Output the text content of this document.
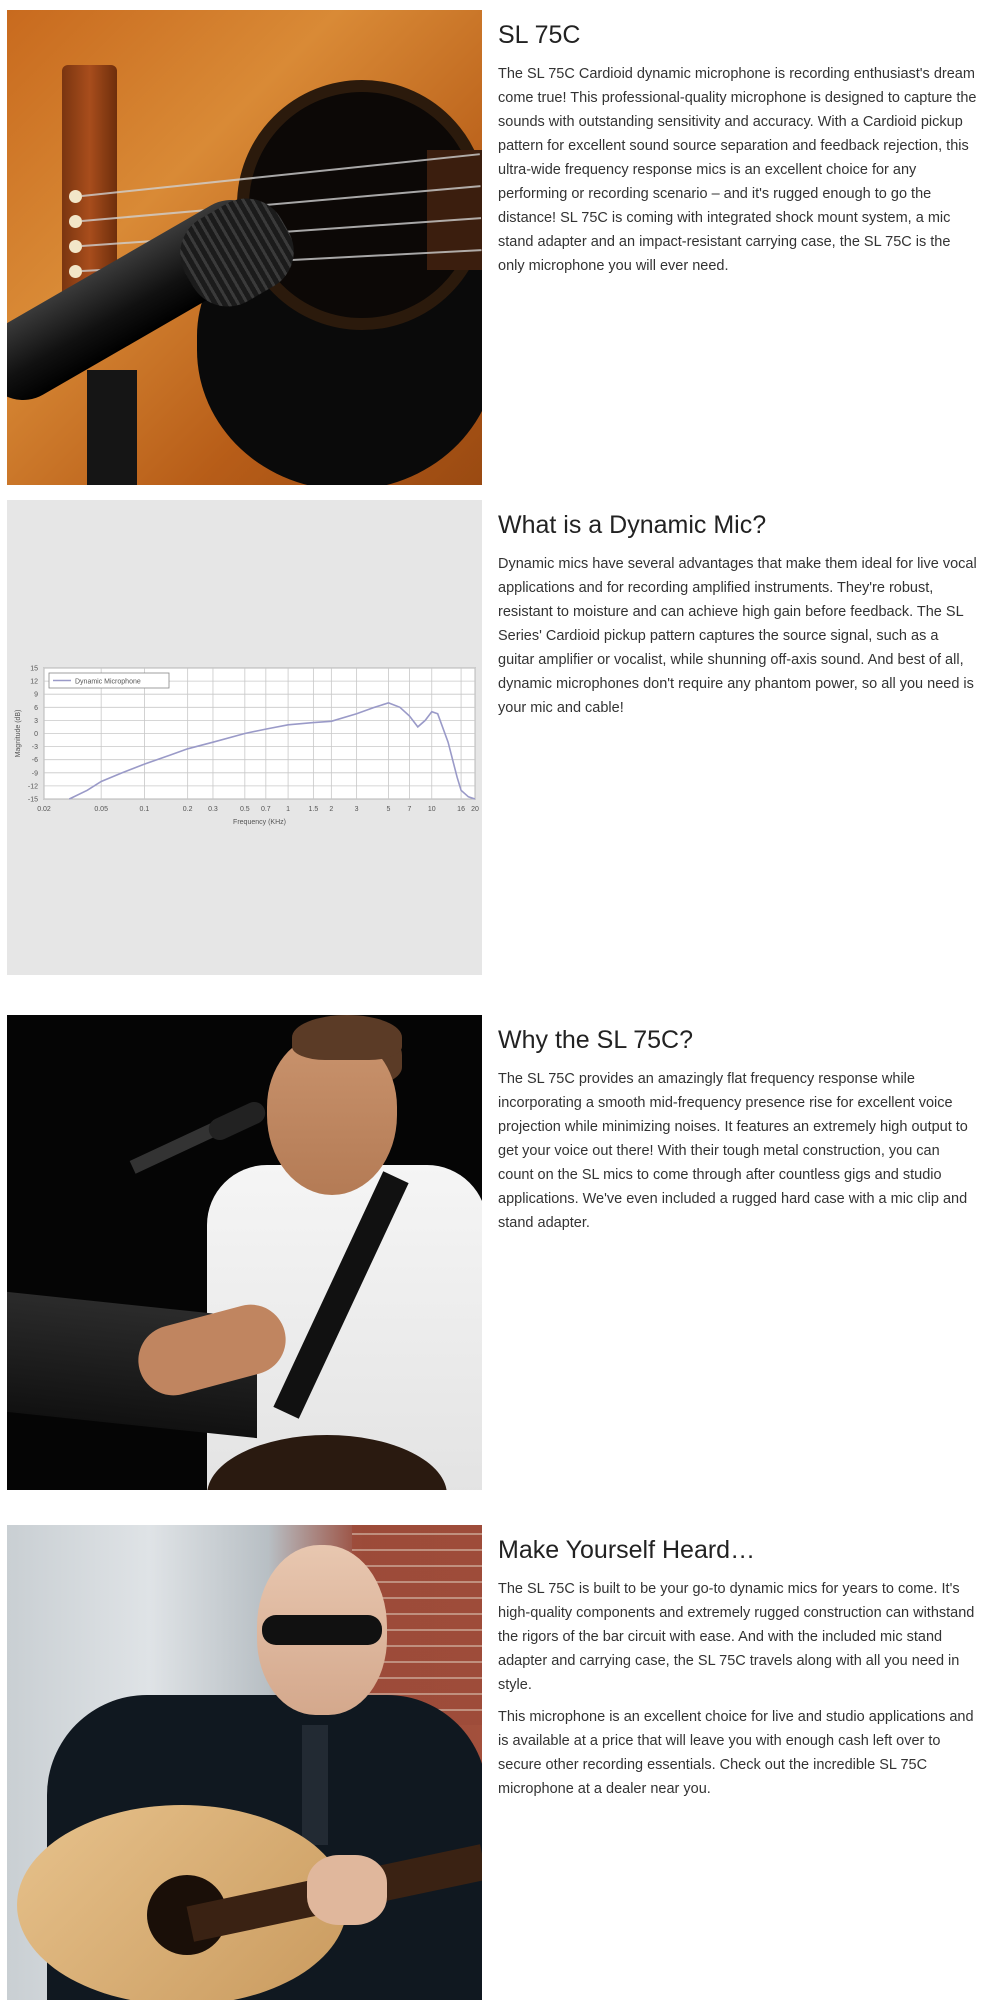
SL 75C

The SL 75C Cardioid dynamic microphone is recording enthusiast's dream come true! This professional-quality microphone is designed to capture the sounds with outstanding sensitivity and accuracy. With a Cardioid pickup pattern for excellent sound source separation and feedback rejection, this ultra-wide frequency response mics is an excellent choice for any performing or recording scenario – and it's rugged enough to go the distance! SL 75C is coming with integrated shock mount system, a mic stand adapter and an impact-resistant carrying case, the SL 75C is the only microphone you will ever need.

0.02	0.05	0.1	0.2 0.3	0.5 0.7 1	1.5 2	3	5 7 10	16 20
15
12
9
6
3
0
-3
-6
-9
-12
-15
Frequency (KHz)
Magnitude (dB)
Dynamic Microphone
What is a Dynamic Mic?

Dynamic mics have several advantages that make them ideal for live vocal applications and for recording amplified instruments. They're robust, resistant to moisture and can achieve high gain before feedback. The SL Series' Cardioid pickup pattern captures the source signal, such as a guitar amplifier or vocalist, while shunning off-axis sound. And best of all, dynamic microphones don't require any phantom power, so all you need is your mic and cable!

Why the SL 75C?

The SL 75C provides an amazingly flat frequency response while incorporating a smooth mid-frequency presence rise for excellent voice projection while minimizing noises. It features an extremely high output to get your voice out there! With their tough metal construction, you can count on the SL mics to come through after countless gigs and studio applications. We've even included a rugged hard case with a mic clip and stand adapter.

Make Yourself Heard…

The SL 75C is built to be your go-to dynamic mics for years to come. It's high-quality components and extremely rugged construction can withstand the rigors of the bar circuit with ease. And with the included mic stand adapter and carrying case, the SL 75C travels along with all you need in style.

This microphone is an excellent choice for live and studio applications and is available at a price that will leave you with enough cash left over to secure other recording essentials. Check out the incredible SL 75C microphone at a dealer near you.
